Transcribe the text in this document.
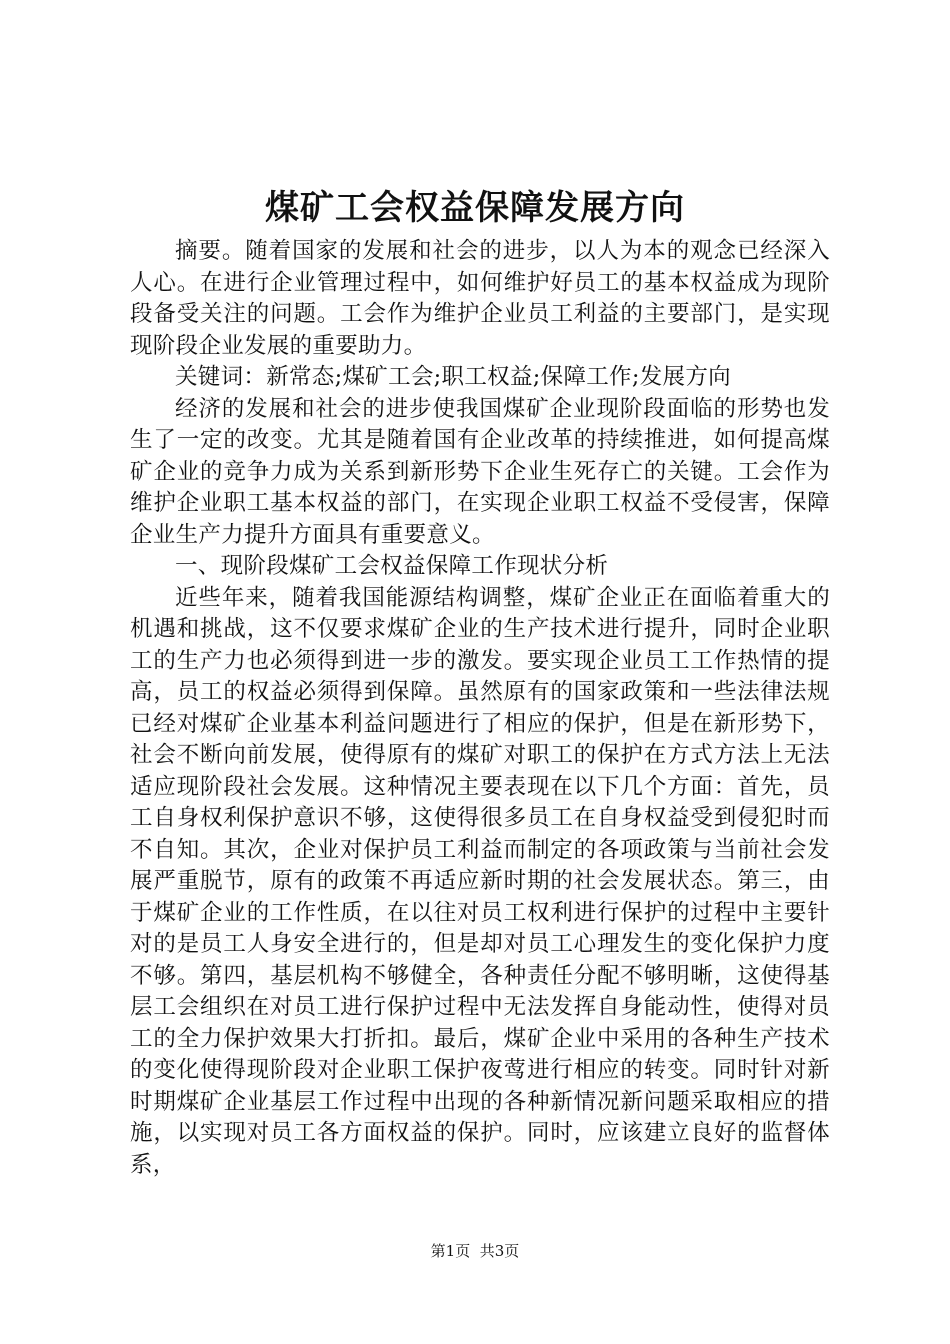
煤矿工会权益保障发展方向

摘要。随着国家的发展和社会的进步，以人为本的观念已经深入人心。在进行企业管理过程中，如何维护好员工的基本权益成为现阶段备受关注的问题。工会作为维护企业员工利益的主要部门，是实现现阶段企业发展的重要助力。

关键词：新常态;煤矿工会;职工权益;保障工作;发展方向

经济的发展和社会的进步使我国煤矿企业现阶段面临的形势也发生了一定的改变。尤其是随着国有企业改革的持续推进，如何提高煤矿企业的竞争力成为关系到新形势下企业生死存亡的关键。工会作为维护企业职工基本权益的部门，在实现企业职工权益不受侵害，保障企业生产力提升方面具有重要意义。

一、现阶段煤矿工会权益保障工作现状分析

近些年来，随着我国能源结构调整，煤矿企业正在面临着重大的机遇和挑战，这不仅要求煤矿企业的生产技术进行提升，同时企业职工的生产力也必须得到进一步的激发。要实现企业员工工作热情的提高，员工的权益必须得到保障。虽然原有的国家政策和一些法律法规已经对煤矿企业基本利益问题进行了相应的保护，但是在新形势下，社会不断向前发展，使得原有的煤矿对职工的保护在方式方法上无法适应现阶段社会发展。这种情况主要表现在以下几个方面：首先，员工自身权利保护意识不够，这使得很多员工在自身权益受到侵犯时而不自知。其次，企业对保护员工利益而制定的各项政策与当前社会发展严重脱节，原有的政策不再适应新时期的社会发展状态。第三，由于煤矿企业的工作性质，在以往对员工权利进行保护的过程中主要针对的是员工人身安全进行的，但是却对员工心理发生的变化保护力度不够。第四，基层机构不够健全，各种责任分配不够明晰，这使得基层工会组织在对员工进行保护过程中无法发挥自身能动性，使得对员工的全力保护效果大打折扣。最后，煤矿企业中采用的各种生产技术的变化使得现阶段对企业职工保护夜莺进行相应的转变。同时针对新时期煤矿企业基层工作过程中出现的各种新情况新问题采取相应的措施，以实现对员工各方面权益的保护。同时，应该建立良好的监督体系，

第1页 共3页
